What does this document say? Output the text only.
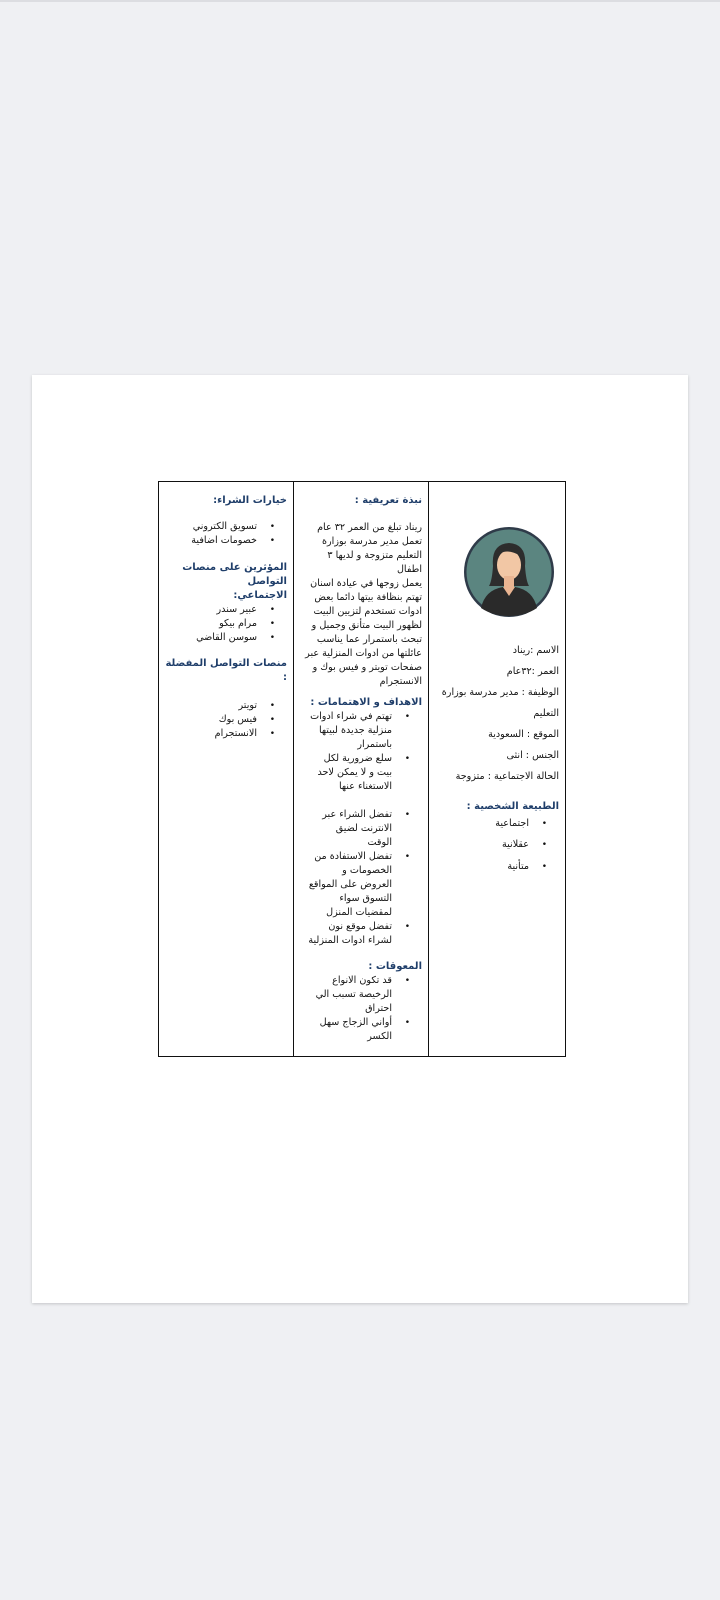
خيارات الشراء:

• تسويق الكتروني
• خصومات اضافية

المؤثرين على منصات التواصل

الاجتماعي:

• عبير سندر
• مرام بيكو
• سوسن القاضي

منصات التواصل المفضلة :

• تويتر
• فيس بوك
• الانستجرام

نبذة تعريفية :

ريناد تبلغ من العمر ٣٢ عام

تعمل مدير مدرسة بوزارة

التعليم متزوجة و لديها ٣ اطفال

يعمل زوجها في عيادة اسنان

تهتم بنظافة بيتها دائما بعض

ادوات تستخدم لتزيين البيت

لظهور البيت متأنق وجميل و

تبحث باستمرار عما يناسب

عائلتها من ادوات المنزلية عبر

صفحات تويتر و فيس بوك و

الانستجرام

الاهداف و الاهتمامات :

• تهتم في شراء ادوات
منزلية جديدة لبيتها
باستمرار
• سلع ضرورية لكل
بيت و لا يمكن لاحد
الاستغناء عنها
• تفضل الشراء عبر
الانترنت لضيق
الوقت
• تفضل الاستفادة من
الخصومات و
العروض على المواقع
التسوق سواء
لمقضيات المنزل
• تفضل موقع نون
لشراء ادوات المنزلية

المعوقات :

• قد تكون الانواع
الرخيصة تسبب الي
احتراق
• أواني الزجاج سهل
الكسر

الاسم :ريناد

العمر :٣٢عام

الوظيفة : مدير مدرسة بوزارة

التعليم

الموقع : السعودية

الجنس : انثى

الحالة الاجتماعية : متزوجة

الطبيعة الشخصية :

• اجتماعية
• عقلانية
• متأنية
